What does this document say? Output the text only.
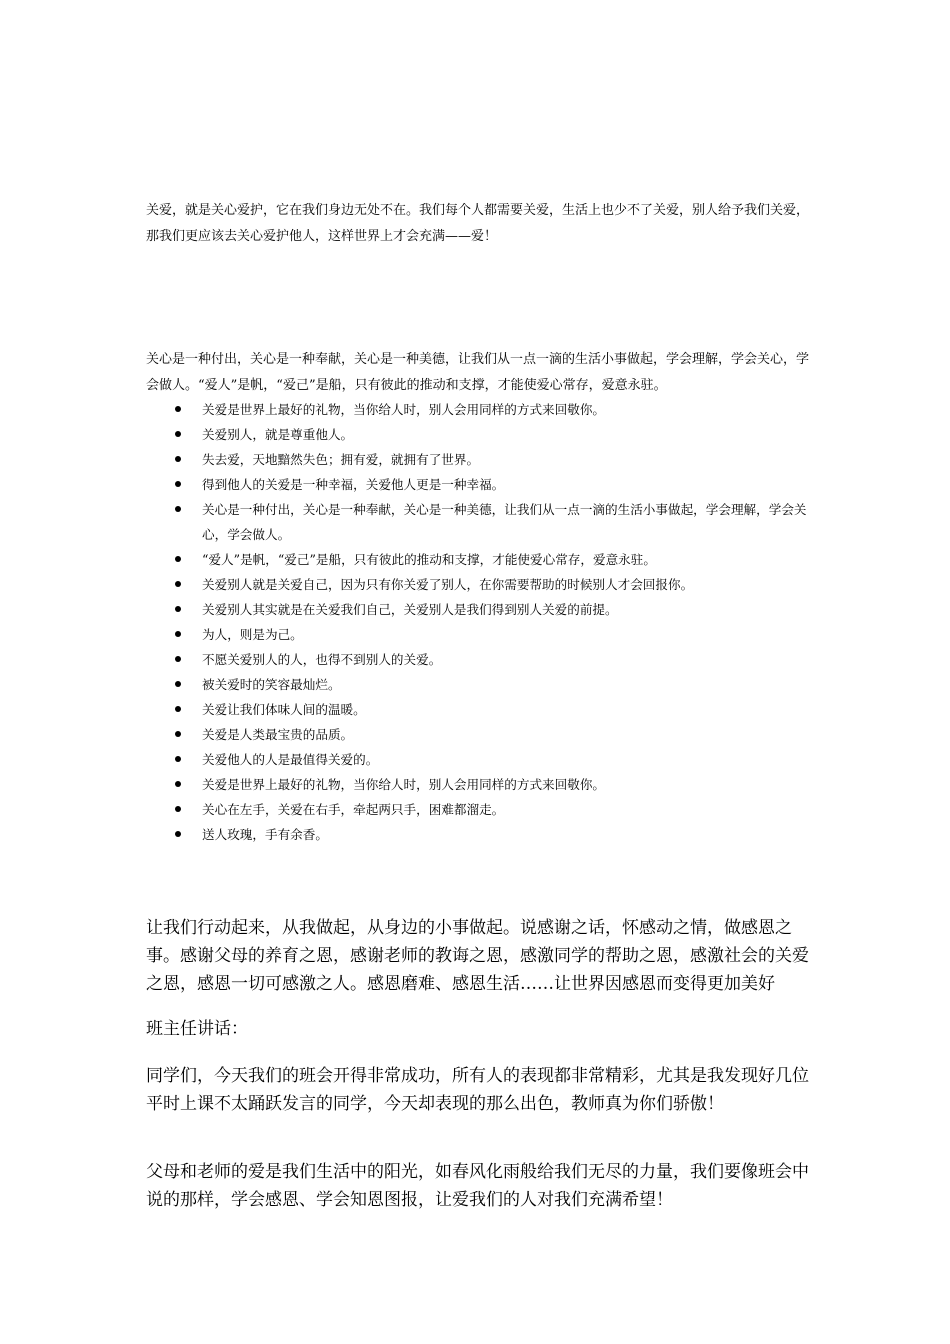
关爱，就是关心爱护，它在我们身边无处不在。我们每个人都需要关爱，生活上也少不了关爱，别人给予我们关爱，那我们更应该去关心爱护他人，这样世界上才会充满——爱！

关心是一种付出，关心是一种奉献，关心是一种美德，让我们从一点一滴的生活小事做起，学会理解，学会关心，学会做人。“爱人”是帆，“爱己”是船，只有彼此的推动和支撑，才能使爱心常存，爱意永驻。

关爱是世界上最好的礼物，当你给人时，别人会用同样的方式来回敬你。
关爱别人，就是尊重他人。
失去爱，天地黯然失色；拥有爱，就拥有了世界。
得到他人的关爱是一种幸福，关爱他人更是一种幸福。
关心是一种付出，关心是一种奉献，关心是一种美德，让我们从一点一滴的生活小事做起，学会理解，学会关心，学会做人。
“爱人”是帆，“爱己”是船，只有彼此的推动和支撑，才能使爱心常存，爱意永驻。
关爱别人就是关爱自己，因为只有你关爱了别人，在你需要帮助的时候别人才会回报你。
关爱别人其实就是在关爱我们自己，关爱别人是我们得到别人关爱的前提。
为人，则是为己。
不愿关爱别人的人，也得不到别人的关爱。
被关爱时的笑容最灿烂。
关爱让我们体味人间的温暖。
关爱是人类最宝贵的品质。
关爱他人的人是最值得关爱的。
关爱是世界上最好的礼物，当你给人时，别人会用同样的方式来回敬你。
关心在左手，关爱在右手，牵起两只手，困难都溜走。
送人玫瑰，手有余香。

让我们行动起来，从我做起，从身边的小事做起。说感谢之话，怀感动之情，做感恩之事。感谢父母的养育之恩，感谢老师的教诲之恩，感激同学的帮助之恩，感激社会的关爱之恩，感恩一切可感激之人。感恩磨难、感恩生活……让世界因感恩而变得更加美好

班主任讲话：

同学们，今天我们的班会开得非常成功，所有人的表现都非常精彩，尤其是我发现好几位平时上课不太踊跃发言的同学，今天却表现的那么出色，教师真为你们骄傲！

父母和老师的爱是我们生活中的阳光，如春风化雨般给我们无尽的力量，我们要像班会中说的那样，学会感恩、学会知恩图报，让爱我们的人对我们充满希望！
